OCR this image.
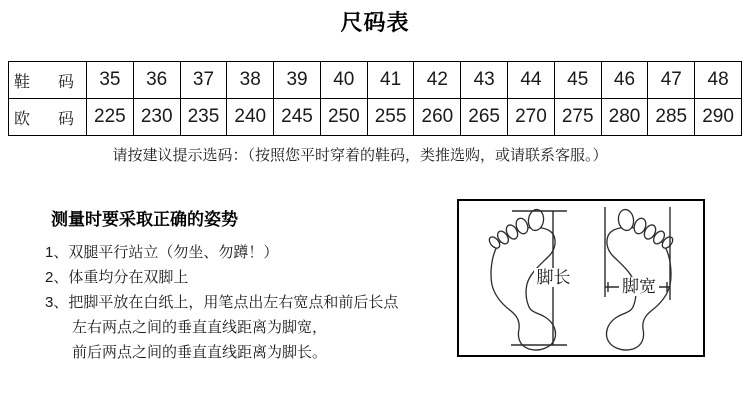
尺码表
鞋 码	35	36	37	38	39	40	41	42	43	44	45	46	47	48

欧 码	225	230	235	240	245	250	255	260	265	270	275	280	285	290
请按建议提示选码：（按照您平时穿着的鞋码，类推选购，或请联系客服。）
测量时要采取正确的姿势
1、双腿平行站立（勿坐、勿蹲！）
2、体重均分在双脚上
3、把脚平放在白纸上，用笔点出左右宽点和前后长点
左右两点之间的垂直直线距离为脚宽，
前后两点之间的垂直直线距离为脚长。
脚长	脚宽
